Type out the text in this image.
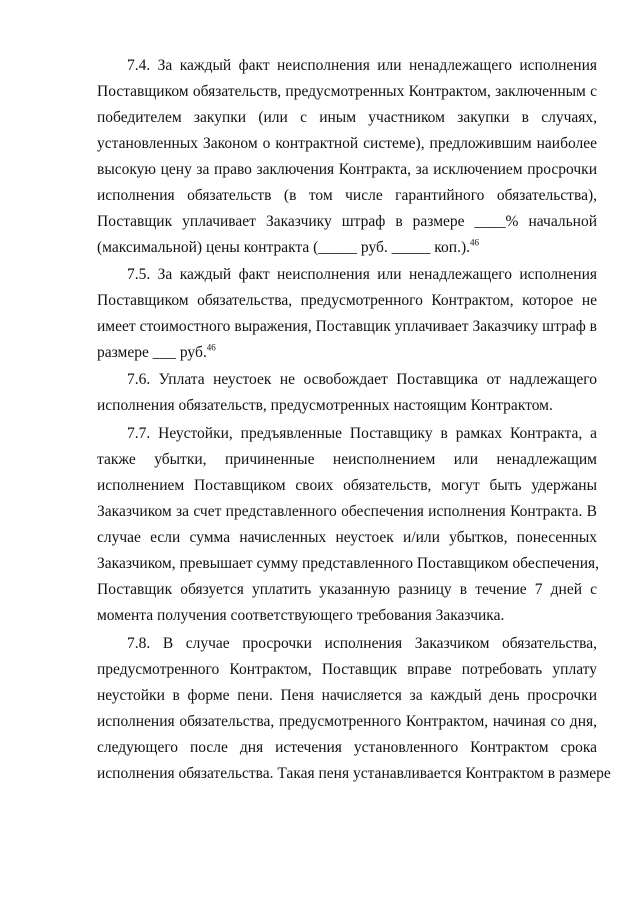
7.4. За каждый факт неисполнения или ненадлежащего исполнения
Поставщиком обязательств, предусмотренных Контрактом, заключенным с
победителем закупки (или с иным участником закупки в случаях,
установленных Законом о контрактной системе), предложившим наиболее
высокую цену за право заключения Контракта, за исключением просрочки
исполнения обязательств (в том числе гарантийного обязательства),
Поставщик уплачивает Заказчику штраф в размере ____% начальной
(максимальной) цены контракта (_____ руб. _____ коп.).$^{46}$
7.5. За каждый факт неисполнения или ненадлежащего исполнения
Поставщиком обязательства, предусмотренного Контрактом, которое не
имеет стоимостного выражения, Поставщик уплачивает Заказчику штраф в
размере ___ руб.$^{46}$
7.6. Уплата неустоек не освобождает Поставщика от надлежащего
исполнения обязательств, предусмотренных настоящим Контрактом.
7.7. Неустойки, предъявленные Поставщику в рамках Контракта, а
также убытки, причиненные неисполнением или ненадлежащим
исполнением Поставщиком своих обязательств, могут быть удержаны
Заказчиком за счет представленного обеспечения исполнения Контракта. В
случае если сумма начисленных неустоек и/или убытков, понесенных
Заказчиком, превышает сумму представленного Поставщиком обеспечения,
Поставщик обязуется уплатить указанную разницу в течение 7 дней с
момента получения соответствующего требования Заказчика.
7.8. В случае просрочки исполнения Заказчиком обязательства,
предусмотренного Контрактом, Поставщик вправе потребовать уплату
неустойки в форме пени. Пеня начисляется за каждый день просрочки
исполнения обязательства, предусмотренного Контрактом, начиная со дня,
следующего после дня истечения установленного Контрактом срока
исполнения обязательства. Такая пеня устанавливается Контрактом в размере
